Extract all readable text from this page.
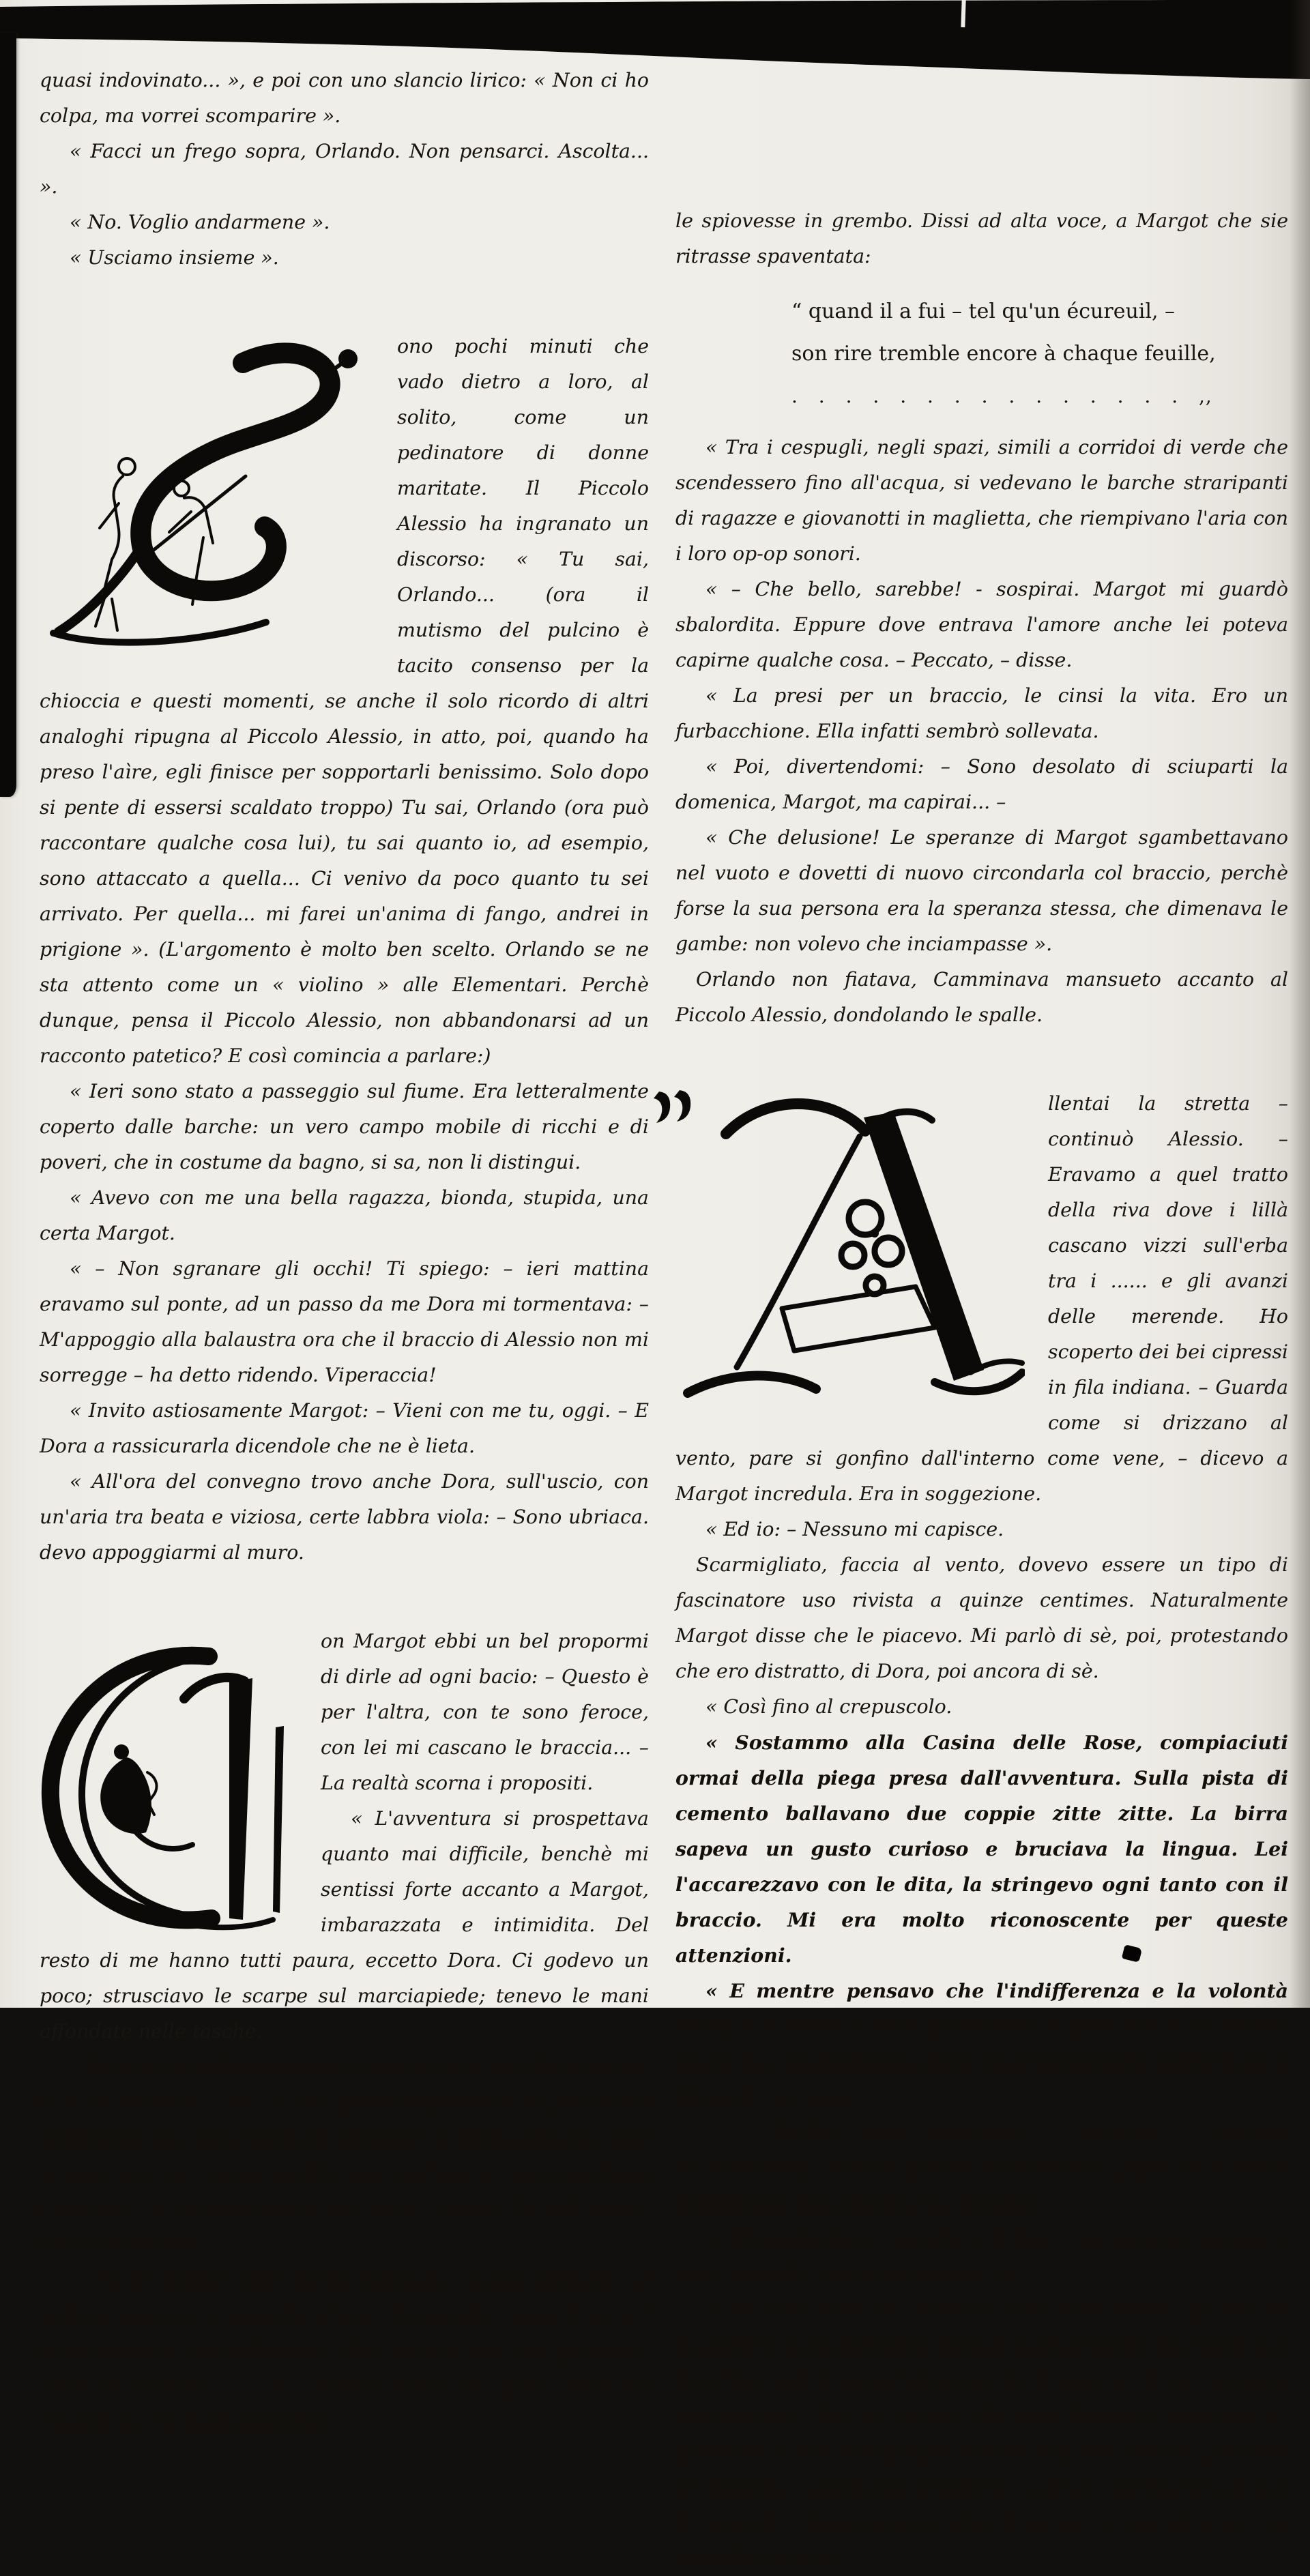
quasi indovinato... », e poi con uno slancio lirico: « Non ci ho colpa, ma vorrei scomparire ».

« Facci un frego sopra, Orlando. Non pensarci. Ascolta... ».

« No. Voglio andarmene ».

« Usciamo insieme ».

ono pochi minuti che vado dietro a loro, al solito, come un pedinatore di donne maritate. Il Piccolo Alessio ha ingranato un discorso: « Tu sai, Orlando... (ora il mutismo del pulcino è tacito consenso per la chioccia e questi momenti, se anche il solo ricordo di altri analoghi ripugna al Piccolo Alessio, in atto, poi, quando ha preso l'aìre, egli finisce per sopportarli benissimo. Solo dopo si pente di essersi scaldato troppo) Tu sai, Orlando (ora può raccontare qualche cosa lui), tu sai quanto io, ad esempio, sono attaccato a quella... Ci venivo da poco quanto tu sei arrivato. Per quella... mi farei un'anima di fango, andrei in prigione ». (L'argomento è molto ben scelto. Orlando se ne sta attento come un « violino » alle Elementari. Perchè dunque, pensa il Piccolo Alessio, non abbandonarsi ad un racconto patetico? E così comincia a parlare:)

« Ieri sono stato a passeggio sul fiume. Era letteralmente coperto dalle barche: un vero campo mobile di ricchi e di poveri, che in costume da bagno, si sa, non li distingui.

« Avevo con me una bella ragazza, bionda, stupida, una certa Margot.

« – Non sgranare gli occhi! Ti spiego: – ieri mattina eravamo sul ponte, ad un passo da me Dora mi tormentava: – M'appoggio alla balaustra ora che il braccio di Alessio non mi sorregge – ha detto ridendo. Viperaccia!

« Invito astiosamente Margot: – Vieni con me tu, oggi. – E Dora a rassicurarla dicendole che ne è lieta.

« All'ora del convegno trovo anche Dora, sull'uscio, con un'aria tra beata e viziosa, certe labbra viola: – Sono ubriaca. devo appoggiarmi al muro.

on Margot ebbi un bel propormi di dirle ad ogni bacio: – Questo è per l'altra, con te sono feroce, con lei mi cascano le braccia... – La realtà scorna i propositi.

« L'avventura si prospettava quanto mai difficile, benchè mi sentissi forte accanto a Margot, imbarazzata e intimidita. Del resto di me hanno tutti paura, eccetto Dora. Ci godevo un poco; strusciavo le scarpe sul marciapiede; tenevo le mani affondate nelle tasche.

« Margot sembrava quasi intelligente perchè taceva, e il suo imbarazzo, la sua preoccupazione la facevano sembrare piccina e pudica, mentre io la guardavo come si guarda una scimmietta, un ombrello: con qualche curiosità. Camminavamo accanto, messi lì dal caso, bizzarramente.

« Sulle foglie fitte della scarpata, sugli arbusti, il sole si posava a monete d'oro. L'assurda avventura mi lasciava così insoddisfatto che potevo ancora pensare, letterariamente, a una Danae stesa su quel letto di muschio con quell'oro che

le spiovesse in grembo. Dissi ad alta voce, a Margot che sie ritrasse spaventata:

“ quand il a fui – tel qu'un écureuil, –
son rire tremble encore à chaque feuille,
. . . . . . . . . . . . . . . ,,

« Tra i cespugli, negli spazi, simili a corridoi di verde che scendessero fino all'acqua, si vedevano le barche straripanti di ragazze e giovanotti in maglietta, che riempivano l'aria con i loro op-op sonori.

« – Che bello, sarebbe! - sospirai. Margot mi guardò sbalordita. Eppure dove entrava l'amore anche lei poteva capirne qualche cosa. – Peccato, – disse.

« La presi per un braccio, le cinsi la vita. Ero un furbacchione. Ella infatti sembrò sollevata.

« Poi, divertendomi: – Sono desolato di sciuparti la domenica, Margot, ma capirai... –

« Che delusione! Le speranze di Margot sgambettavano nel vuoto e dovetti di nuovo circondarla col braccio, perchè forse la sua persona era la speranza stessa, che dimenava le gambe: non volevo che inciampasse ».

Orlando non fiatava, Camminava mansueto accanto al Piccolo Alessio, dondolando le spalle.

llentai la stretta – continuò Alessio. – Eravamo a quel tratto della riva dove i lillà cascano vizzi sull'erba tra i ...... e gli avanzi delle merende. Ho scoperto dei bei cipressi in fila indiana. – Guarda come si drizzano al vento, pare si gonfino dall'interno come vene, – dicevo a Margot incredula. Era in soggezione.

« Ed io: – Nessuno mi capisce.

Scarmigliato, faccia al vento, dovevo essere un tipo di fascinatore uso rivista a quinze centimes. Naturalmente Margot disse che le piacevo. Mi parlò di sè, poi, protestando che ero distratto, di Dora, poi ancora di sè.

« Così fino al crepuscolo.

« Sostammo alla Casina delle Rose, compiaciuti ormai della piega presa dall'avventura. Sulla pista di cemento ballavano due coppie zitte zitte. La birra sapeva un gusto curioso e bruciava la lingua. Lei l'accarezzavo con le dita, la stringevo ogni tanto con il braccio. Mi era molto riconoscente per queste attenzioni.

« E mentre pensavo che l'indifferenza e la volontà sono, in modo assai probabile, i poli di una stessa calamita, sulla piazzuola si accendevano le prime luci e Margot con esse.

« – Voglio fare l'amante, – diceva. – Niente matrimonio, perchè quando avessi un pupo sento che non potrei più amare mio marito. –

« Margot diceva questo a labbra increspate, con una voce irreale, come ascoltandosi.

« Doveva lasciar passare altri due mesi, prima di diventare maggiorenne, libera, padrona del suo destino. Avrebbe potuto legittimamente disporre di un piccolo patrimonio che le veniva da una lontana parente e, prima di allevare il pupo, se non le fosse ancora piovuto in grembo, viaggiare un poco. Voleva conoscere un po' di mondo. Immaginava che il pupo, nascendo, se ne sarebbe nutrito.
